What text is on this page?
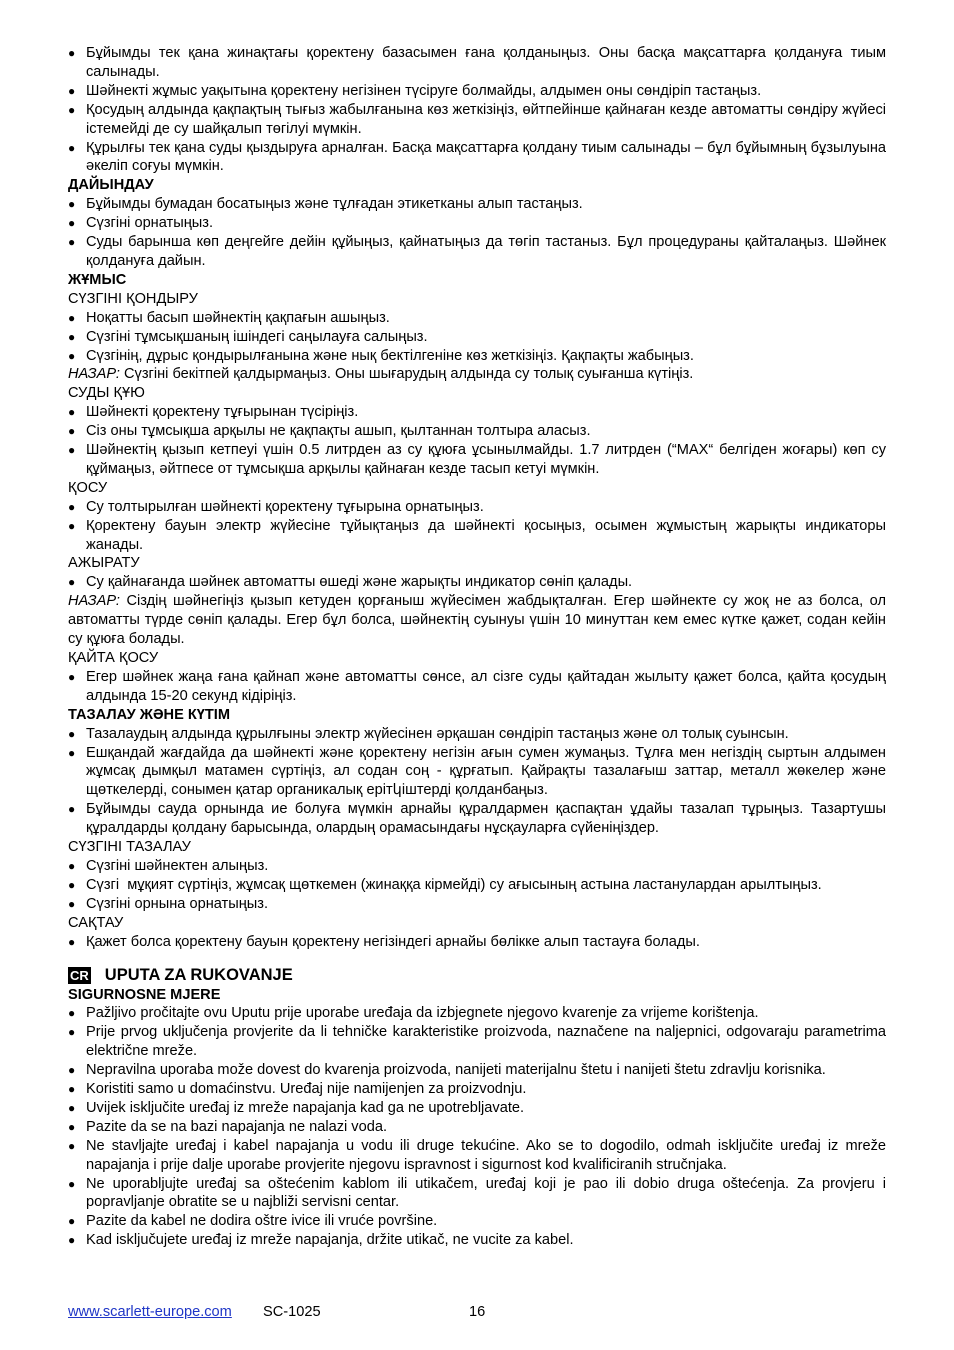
● Бұйымды тек қана жинақтағы қоректену базасымен ғана қолданыңыз. Оны басқа мақсаттарға қолдануға тиым салынады.
● Шәйнекті жұмыс уақытына қоректену негізінен түсіруге болмайды, алдымен оны сөндіріп тастаңыз.
● Қосудың алдында қақпақтың тығыз жабылғанына көз жеткізіңіз, өйтпейінше қайнаған кезде автоматты сөндіру жүйесі істемейді де су шайқалып төгілуі мүмкін.
● Құрылғы тек қана суды қыздыруға арналған. Басқа мақсаттарға қолдану тиым салынады – бұл бұйымның бұзылуына әкеліп соғуы мүмкін.

ДАЙЫНДАУ

● Бұйымды бумадан босатыңыз және тұлғадан этикетканы алып тастаңыз.
● Сүзгіні орнатыңыз.
● Суды барынша көп деңгейге дейін құйыңыз, қайнатыңыз да төгіп тастаныз. Бұл процедураны қайталаңыз. Шәйнек қолдануға дайын.

ЖҰМЫС

СҮЗГІНІ ҚОНДЫРУ

● Ноқатты басып шәйнектің қақпағын ашыңыз.
● Сүзгіні тұмсықшаның ішіндегі саңылауға салыңыз.
● Сүзгінің, дұрыс қондырылғанына және нық бектілгеніне көз жеткізіңіз. Қақпақты жабыңыз.

НАЗАР: Сүзгіні бекітпей қалдырмаңыз. Оны шығарудың алдында су толық суығанша күтіңіз.

СУДЫ ҚҰЮ

● Шәйнекті қоректену тұғырынан түсіріңіз.
● Сіз оны тұмсықша арқылы не қақпақты ашып, қылтаннан толтыра аласыз.
● Шәйнектің қызып кетпеуі үшін 0.5 литрден аз су құюға ұсынылмайды. 1.7 литрден (“MAX“ белгіден жоғары) көп су құймаңыз, әйтпесе от тұмсықша арқылы қайнаған кезде тасып кетуі мүмкін.

ҚОСУ

● Су толтырылған шәйнекті қоректену тұғырына орнатыңыз.
● Қоректену бауын электр жүйесіне тұйықтаңыз да шәйнекті қосыңыз, осымен жұмыстың жарықты индикаторы жанады.

АЖЫРАТУ

● Су қайнағанда шәйнек автоматты өшеді және жарықты индикатор сөніп қалады.

НАЗАР: Сіздің шәйнегіңіз қызып кетуден қорғаныш жүйесімен жабдықталған. Егер шәйнекте су жоқ не аз болса, ол автоматты түрде сөніп қалады. Егер бұл болса, шәйнектің суынуы үшін 10 минуттан кем емес күтке қажет, содан кейін су құюға болады.

ҚАЙТА ҚОСУ

● Егер шәйнек жаңа ғана қайнап және автоматты сөнсе, ал сізге суды қайтадан жылыту қажет болса, қайта қосудың алдында 15-20 секунд кідіріңіз.

ТАЗАЛАУ ЖӘНЕ КҮТІМ

● Тазалаудың алдында құрылғыны электр жүйесінен әрқашан сөндіріп тастаңыз және ол толық суынсын.
● Ешқандай жағдайда да шәйнекті және қоректену негізін ағын сумен жумаңыз. Тұлға мен негіздің сыртын алдымен жұмсақ дымқыл матамен сүртіңіз, ал содан соң - құрғатып. Қайрақты тазалағыш заттар, металл жөкелер және щөткелерді, сонымен қатар органикалық ерітկіштерді қолданбаңыз.
● Бұйымды сауда орнында ие болуға мүмкін арнайы құралдармен қаспақтан ұдайы тазалап тұрыңыз. Тазартушы құралдарды қолдану барысында, олардың орамасындағы нұсқауларға сүйеніңіздер.

СҮЗГІНІ ТАЗАЛАУ

● Сүзгіні шәйнектен алыңыз.
● Сүзгі  мұқият сүртіңіз, жұмсақ щөткемен (жинаққа кірмейді) су ағысының астына ластанулардан арылтыңыз.
● Сүзгіні орнына орнатыңыз.

САҚТАУ

● Қажет болса қоректену бауын қоректену негізіндегі арнайы бөлікке алып тастауға болады.
CR UPUTA ZA RUKOVANJE

SIGURNOSNE MJERE

● Pažljivo pročitajte ovu Uputu prije uporabe uređaja da izbjegnete njegovo kvarenje za vrijeme korištenja.
● Prije prvog uključenja provjerite da li tehničke karakteristike proizvoda, naznačene na naljepnici, odgovaraju parametrima električne mreže.
● Nepravilna uporaba može dovest do kvarenja proizvoda, nanijeti materijalnu štetu i nanijeti štetu zdravlju korisnika.
● Koristiti samo u domaćinstvu. Uređaj nije namijenjen za proizvodnju.
● Uvijek isključite uređaj iz mreže napajanja kad ga ne upotrebljavate.
● Pazite da se na bazi napajanja ne nalazi voda.
● Ne stavljajte uređaj i kabel napajanja u vodu ili druge tekućine. Ako se to dogodilo, odmah isključite uređaj iz mreže napajanja i prije dalje uporabe provjerite njegovu ispravnost i sigurnost kod kvalificiranih stručnjaka.
● Ne uporabljujte uređaj sa oštećenim kablom ili utikačem, uređaj koji je pao ili dobio druga oštećenja. Za provjeru i popravljanje obratite se u najbliži servisni centar.
● Pazite da kabel ne dodira oštre ivice ili vruće površine.
● Kad isključujete uređaj iz mreže napajanja, držite utikač, ne vucite za kabel.
www.scarlett-europe.com SC-1025	16
